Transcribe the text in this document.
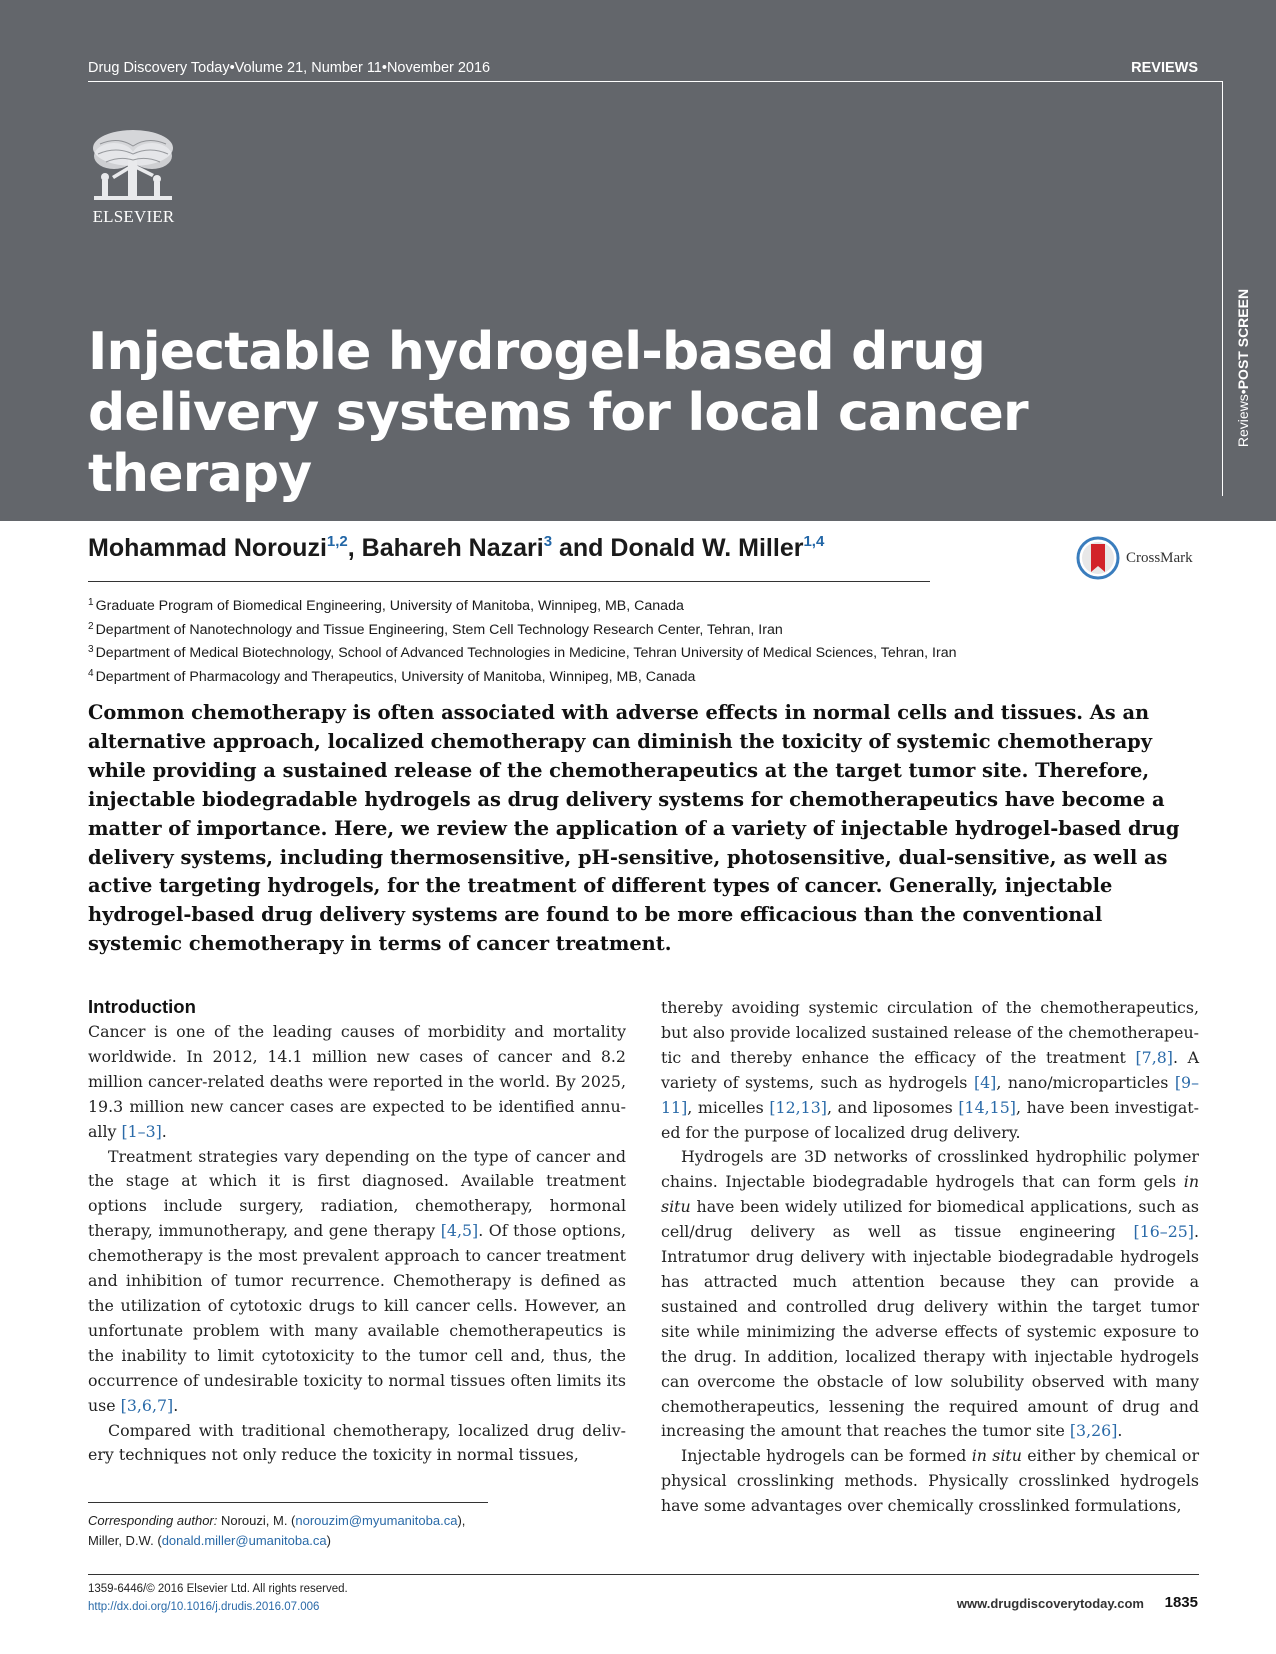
Drug Discovery Today•Volume 21, Number 11•November 2016	REVIEWS
Reviews
•
POST SCREEN
ELSEVIER
Injectable hydrogel-based drug delivery systems for local cancer therapy

Mohammad Norouzi$^{1,2}$, Bahareh Nazari$^3$ and Donald W. Miller$^{1,4}$

CrossMark
$^1$ Graduate Program of Biomedical Engineering, University of Manitoba, Winnipeg, MB, Canada
$^2$ Department of Nanotechnology and Tissue Engineering, Stem Cell Technology Research Center, Tehran, Iran
$^3$ Department of Medical Biotechnology, School of Advanced Technologies in Medicine, Tehran University of Medical Sciences, Tehran, Iran
$^4$ Department of Pharmacology and Therapeutics, University of Manitoba, Winnipeg, MB, Canada

Common chemotherapy is often associated with adverse effects in normal cells and tissues. As an alternative approach, localized chemotherapy can diminish the toxicity of systemic chemotherapy while providing a sustained release of the chemotherapeutics at the target tumor site. Therefore, injectable biodegradable hydrogels as drug delivery systems for chemotherapeutics have become a matter of importance. Here, we review the application of a variety of injectable hydrogel-based drug delivery systems, including thermosensitive, pH-sensitive, photosensitive, dual-sensitive, as well as active targeting hydrogels, for the treatment of different types of cancer. Generally, injectable hydrogel-based drug delivery systems are found to be more efficacious than the conventional systemic chemotherapy in terms of cancer treatment.

Introduction

Cancer is one of the leading causes of morbidity and mortality worldwide. In 2012, 14.1 million new cases of cancer and 8.2 million cancer-related deaths were reported in the world. By 2025, 19.3 million new cancer cases are expected to be identified annually [1–3].

Treatment strategies vary depending on the type of cancer and the stage at which it is first diagnosed. Available treatment options include surgery, radiation, chemotherapy, hormonal therapy, immunotherapy, and gene therapy [4,5]. Of those options, chemotherapy is the most prevalent approach to cancer treatment and inhibition of tumor recurrence. Chemotherapy is defined as the utilization of cytotoxic drugs to kill cancer cells. However, an unfortunate problem with many available chemotherapeutics is the inability to limit cytotoxicity to the tumor cell and, thus, the occurrence of undesirable toxicity to normal tissues often limits its use [3,6,7].

Compared with traditional chemotherapy, localized drug delivery techniques not only reduce the toxicity in normal tissues,

thereby avoiding systemic circulation of the chemotherapeutics, but also provide localized sustained release of the chemotherapeutic and thereby enhance the efficacy of the treatment [7,8]. A variety of systems, such as hydrogels [4], nano/microparticles [9–11], micelles [12,13], and liposomes [14,15], have been investigated for the purpose of localized drug delivery.

Hydrogels are 3D networks of crosslinked hydrophilic polymer chains. Injectable biodegradable hydrogels that can form gels in situ have been widely utilized for biomedical applications, such as cell/drug delivery as well as tissue engineering [16–25]. Intratumor drug delivery with injectable biodegradable hydrogels has attracted much attention because they can provide a sustained and controlled drug delivery within the target tumor site while minimizing the adverse effects of systemic exposure to the drug. In addition, localized therapy with injectable hydrogels can overcome the obstacle of low solubility observed with many chemotherapeutics, lessening the required amount of drug and increasing the amount that reaches the tumor site [3,26].

Injectable hydrogels can be formed in situ either by chemical or physical crosslinking methods. Physically crosslinked hydrogels have some advantages over chemically crosslinked formulations,

Corresponding author: Norouzi, M. (norouzim@myumanitoba.ca),
Miller, D.W. (donald.miller@umanitoba.ca)
1359-6446/© 2016 Elsevier Ltd. All rights reserved.
http://dx.doi.org/10.1016/j.drudis.2016.07.006	www.drugdiscoverytoday.com 1835
